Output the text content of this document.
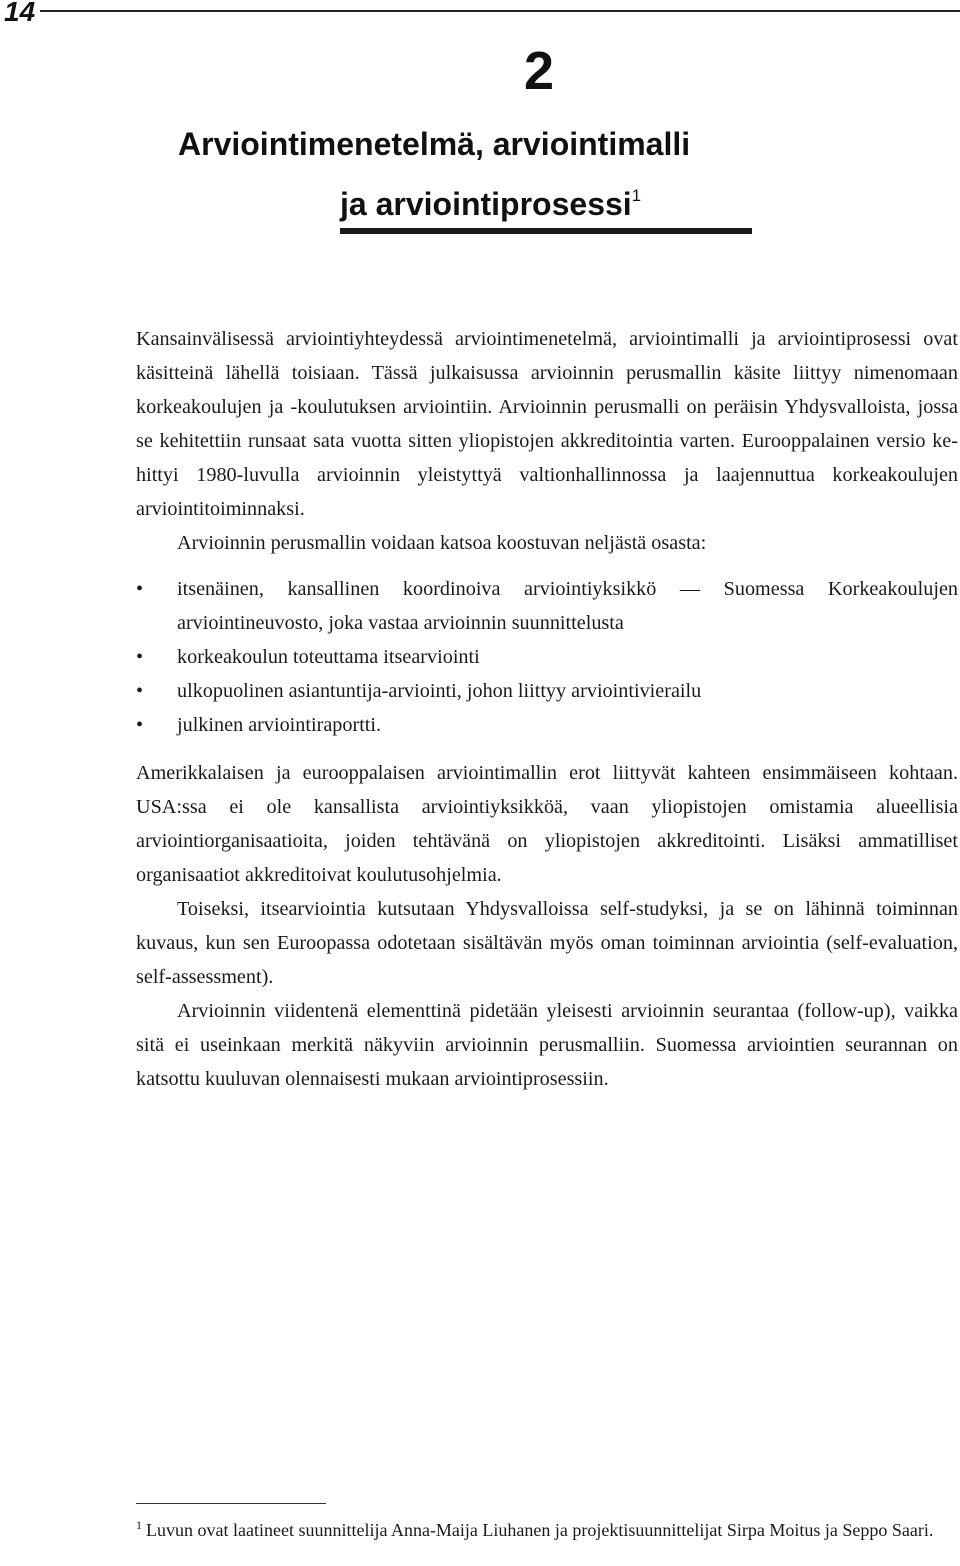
14
2
Arviointimenetelmä, arviointimalli
ja arviointiprosessi$^1$

Kansainvälisessä arviointiyhteydessä arviointimenetelmä, arviointimalli ja arviointiprosessi ovat käsitteinä lähellä toisiaan. Tässä julkaisussa arvioinnin perusmallin käsite liittyy nimenomaan korkeakoulujen ja -koulutuksen arviointiin. Arvioinnin perusmalli on peräisin Yhdysvalloista, jossa se kehitettiin runsaat sata vuotta sitten yliopistojen akkreditointia varten. Eurooppalainen versio kehittyi 1980-luvulla arvioinnin yleistyttyä valtionhallinnossa ja laajennuttua korkeakoulujen arviointitoiminnaksi.

Arvioinnin perusmallin voidaan katsoa koostuvan neljästä osasta:

• itsenäinen, kansallinen koordinoiva arviointiyksikkö — Suomessa Korkeakoulujen arviointineuvosto, joka vastaa arvioinnin suunnittelusta
• korkeakoulun toteuttama itsearviointi
• ulkopuolinen asiantuntija-arviointi, johon liittyy arviointivierailu
• julkinen arviointiraportti.

Amerikkalaisen ja eurooppalaisen arviointimallin erot liittyvät kahteen ensimmäiseen kohtaan. USA:ssa ei ole kansallista arviointiyksikköä, vaan yliopistojen omistamia alueellisia arviointiorganisaatioita, joiden tehtävänä on yliopistojen akkreditointi. Lisäksi ammatilliset organisaatiot akkreditoivat koulutusohjelmia.

Toiseksi, itsearviointia kutsutaan Yhdysvalloissa self-studyksi, ja se on lähinnä toiminnan kuvaus, kun sen Euroopassa odotetaan sisältävän myös oman toiminnan arviointia (self-evaluation, self-assessment).

Arvioinnin viidentenä elementtinä pidetään yleisesti arvioinnin seurantaa (follow-up), vaikka sitä ei useinkaan merkitä näkyviin arvioinnin perusmalliin. Suomessa arviointien seurannan on katsottu kuuluvan olennaisesti mukaan arviointiprosessiin.

$^1$ Luvun ovat laatineet suunnittelija Anna-Maija Liuhanen ja projektisuunnittelijat Sirpa Moitus ja Seppo Saari.
